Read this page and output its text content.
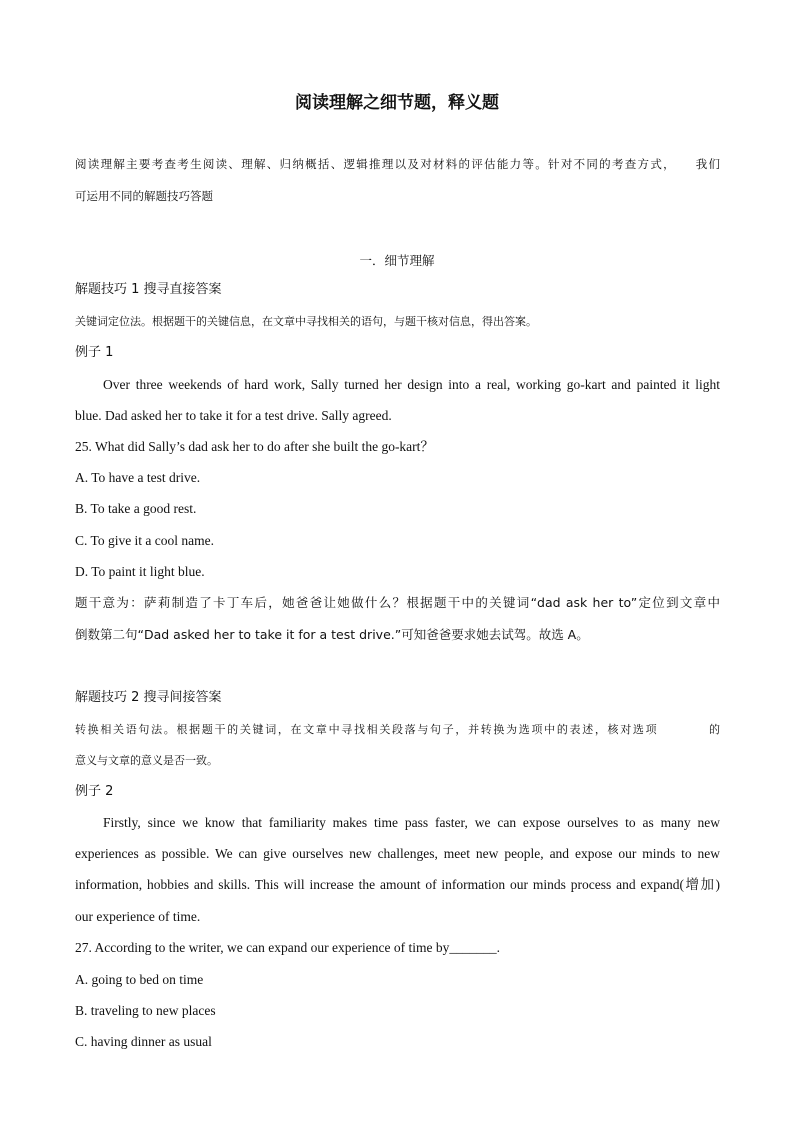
阅读理解之细节题，释义题
阅读理解主要考查考生阅读、理解、归纳概括、逻辑推理以及对材料的评估能力等。针对不同的考查方式，　　我们
可运用不同的解题技巧答题
一．细节理解
解题技巧 1 搜寻直接答案
关键词定位法。根据题干的关键信息，在文章中寻找相关的语句，与题干核对信息，得出答案。
例子 1
Over three weekends of hard work, Sally turned her design into a real, working go-kart and painted it light
blue. Dad asked her to take it for a test drive. Sally agreed.
25. What did Sally’s dad ask her to do after she built the go-kart？
A. To have a test drive.
B. To take a good rest.
C. To give it a cool name.
D. To paint it light blue.
题干意为：萨莉制造了卡丁车后，她爸爸让她做什么？根据题干中的关键词“dad ask her to”定位到文章中
倒数第二句“Dad asked her to take it for a test drive.”可知爸爸要求她去试驾。故选 A。
解题技巧 2 搜寻间接答案
转换相关语句法。根据题干的关键词，在文章中寻找相关段落与句子，并转换为选项中的表述，核对选项　　　　的
意义与文章的意义是否一致。
例子 2
Firstly, since we know that familiarity makes time pass faster, we can expose ourselves to as many new
experiences as possible. We can give ourselves new challenges, meet new people, and expose our minds to new
information, hobbies and skills. This will increase the amount of information our minds process and expand(增加)
our experience of time.
27. According to the writer, we can expand our experience of time by_______.
A. going to bed on time
B. traveling to new places
C. having dinner as usual
